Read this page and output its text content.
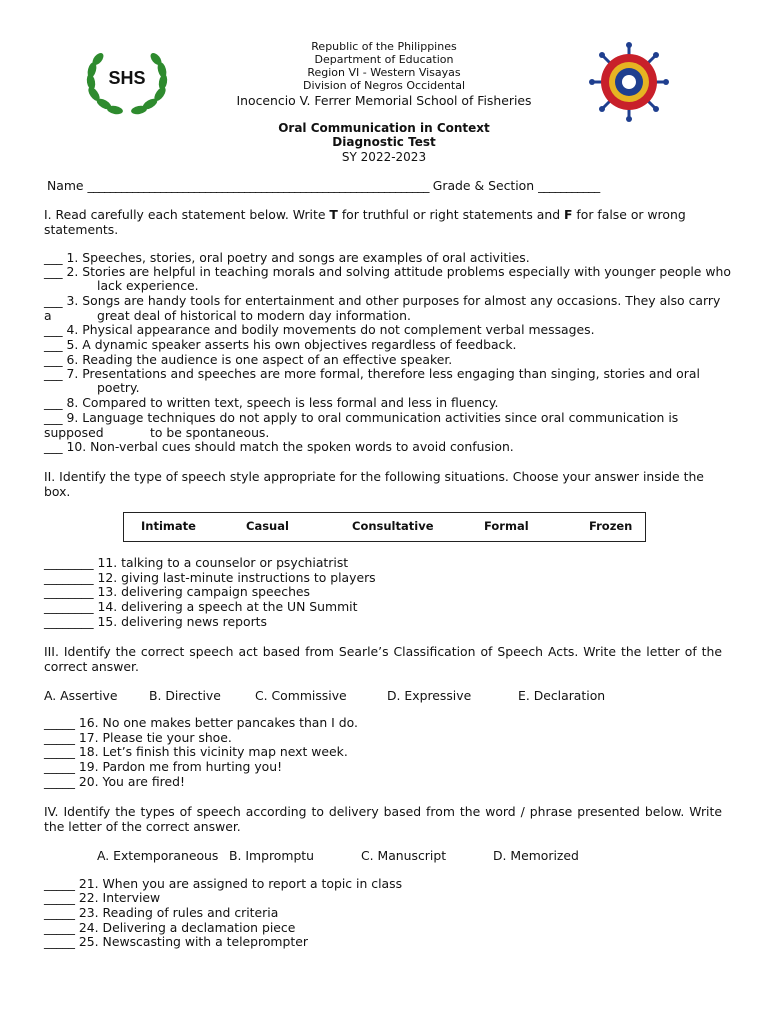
SHS
Republic of the Philippines
Department of Education
Region VI - Western Visayas
Division of Negros Occidental
Inocencio V. Ferrer Memorial School of Fisheries
Oral Communication in Context
Diagnostic Test
SY 2022-2023
Name _____________________________________________________________ Grade & Section ___________
I. Read carefully each statement below. Write T for truthful or right statements and F for false or wrong
statements.
___ 1. Speeches, stories, oral poetry and songs are examples of oral activities.
___ 2. Stories are helpful in teaching morals and solving attitude problems especially with younger people who
lack experience.
___ 3. Songs are handy tools for entertainment and other purposes for almost any occasions. They also carry
a	great deal of historical to modern day information.
___ 4. Physical appearance and bodily movements do not complement verbal messages.
___ 5. A dynamic speaker asserts his own objectives regardless of feedback.
___ 6. Reading the audience is one aspect of an effective speaker.
___ 7. Presentations and speeches are more formal, therefore less engaging than singing, stories and oral
poetry.
___ 8. Compared to written text, speech is less formal and less in fluency.
___ 9. Language techniques do not apply to oral communication activities since oral communication is
supposed	to be spontaneous.
___ 10. Non-verbal cues should match the spoken words to avoid confusion.
II. Identify the type of speech style appropriate for the following situations. Choose your answer inside the
box.
Intimate	Casual	Consultative	Formal	Frozen
________ 11. talking to a counselor or psychiatrist
________ 12. giving last-minute instructions to players
________ 13. delivering campaign speeches
________ 14. delivering a speech at the UN Summit
________ 15. delivering news reports
III. Identify the correct speech act based from Searle’s Classification of Speech Acts. Write the letter of the
correct answer.
A. Assertive	B. Directive	C. Commissive	D. Expressive	E. Declaration
_____ 16. No one makes better pancakes than I do.
_____ 17. Please tie your shoe.
_____ 18. Let’s finish this vicinity map next week.
_____ 19. Pardon me from hurting you!
_____ 20. You are fired!
IV. Identify the types of speech according to delivery based from the word / phrase presented below. Write
the letter of the correct answer.
A. Extemporaneous B. Impromptu	C. Manuscript	D. Memorized
_____ 21. When you are assigned to report a topic in class
_____ 22. Interview
_____ 23. Reading of rules and criteria
_____ 24. Delivering a declamation piece
_____ 25. Newscasting with a teleprompter
